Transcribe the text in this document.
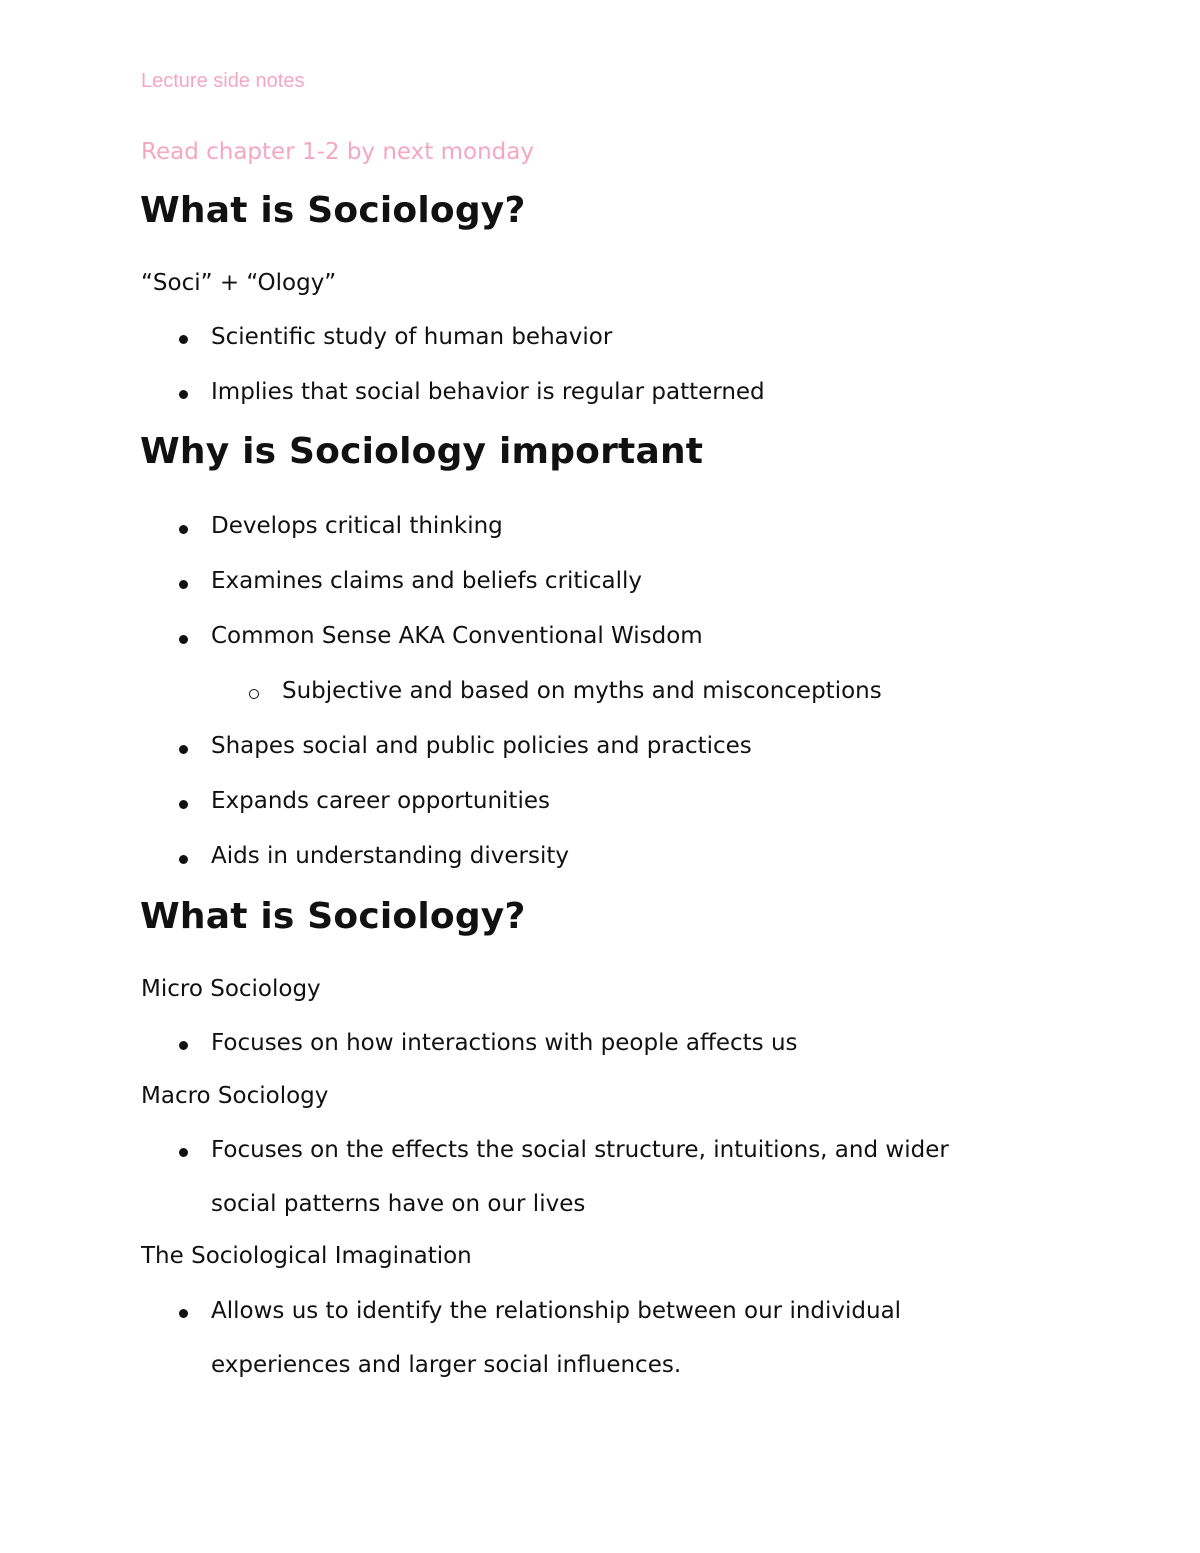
Lecture side notes
Read chapter 1-2 by next monday
What is Sociology?
“Soci” + “Ology”
Scientific study of human behavior
Implies that social behavior is regular patterned
Why is Sociology important
Develops critical thinking
Examines claims and beliefs critically
Common Sense AKA Conventional Wisdom
Subjective and based on myths and misconceptions
Shapes social and public policies and practices
Expands career opportunities
Aids in understanding diversity
What is Sociology?
Micro Sociology
Focuses on how interactions with people affects us
Macro Sociology
Focuses on the effects the social structure, intuitions, and wider
social patterns have on our lives
The Sociological Imagination
Allows us to identify the relationship between our individual
experiences and larger social influences.
